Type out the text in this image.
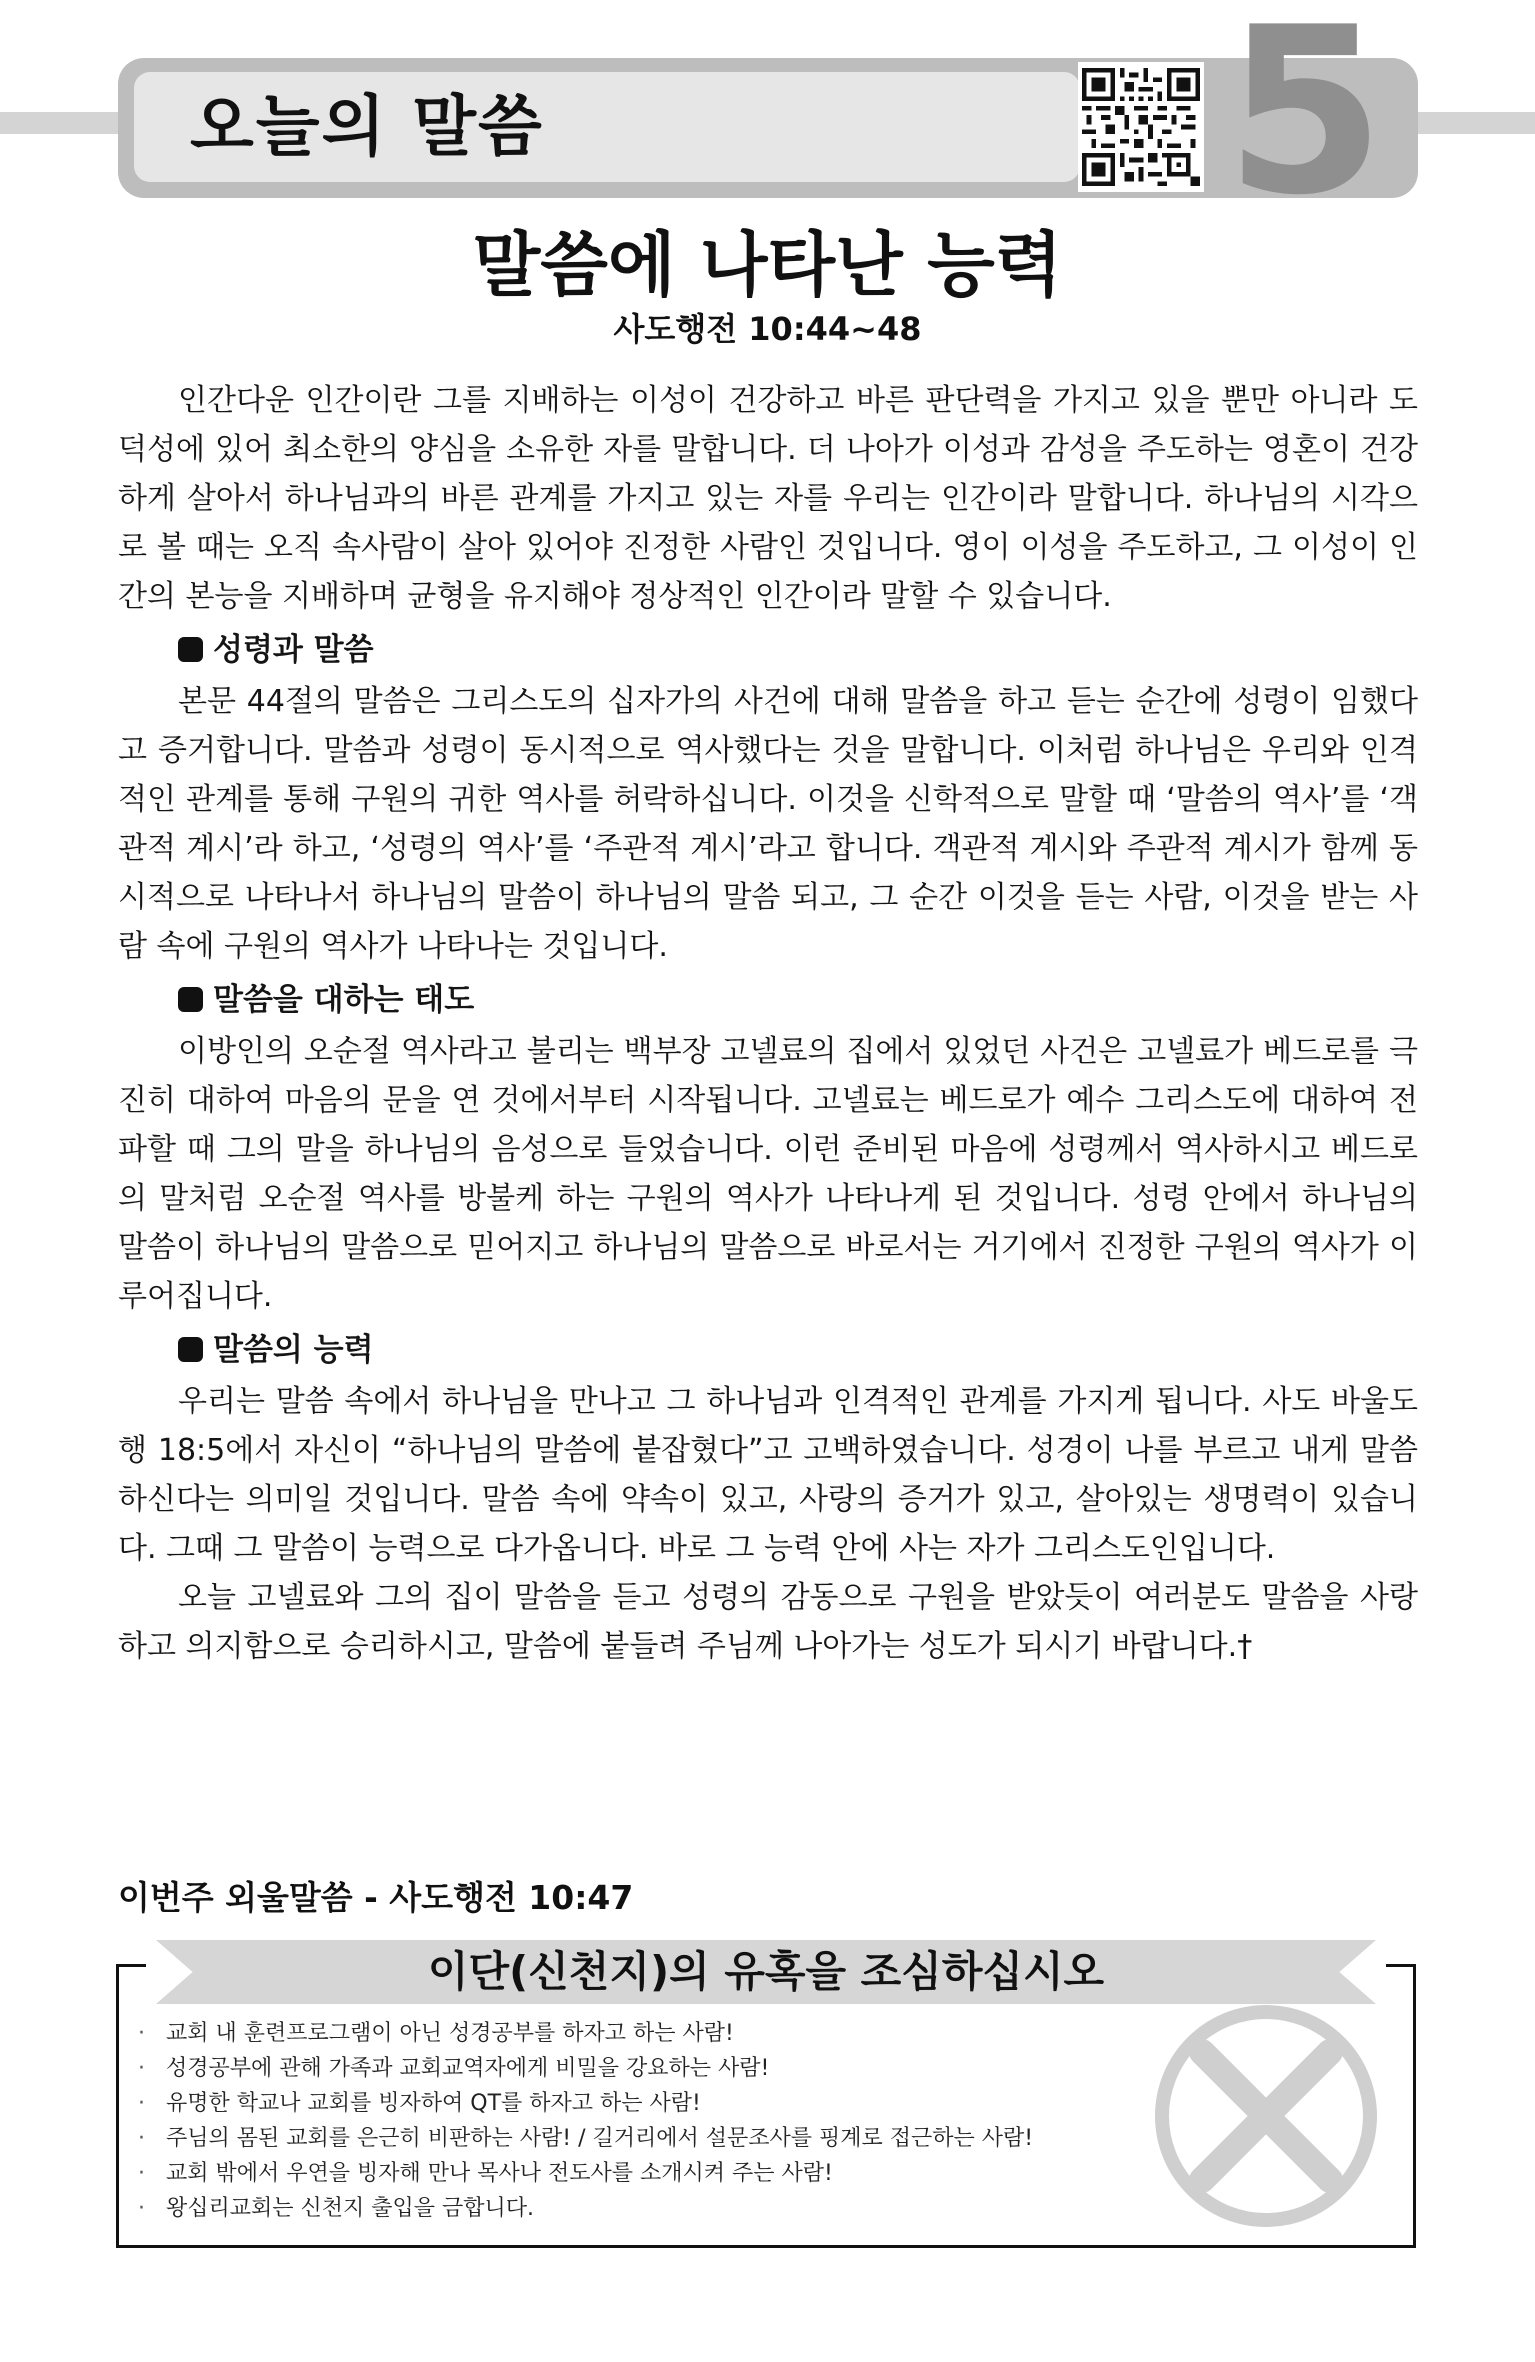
오늘의 말씀	5
말씀에 나타난 능력
사도행전 10:44~48

인간다운 인간이란 그를 지배하는 이성이 건강하고 바른 판단력을 가지고 있을 뿐만 아니라 도덕성에 있어 최소한의 양심을 소유한 자를 말합니다. 더 나아가 이성과 감성을 주도하는 영혼이 건강하게 살아서 하나님과의 바른 관계를 가지고 있는 자를 우리는 인간이라 말합니다. 하나님의 시각으로 볼 때는 오직 속사람이 살아 있어야 진정한 사람인 것입니다. 영이 이성을 주도하고, 그 이성이 인간의 본능을 지배하며 균형을 유지해야 정상적인 인간이라 말할 수 있습니다.

성령과 말씀

본문 44절의 말씀은 그리스도의 십자가의 사건에 대해 말씀을 하고 듣는 순간에 성령이 임했다고 증거합니다. 말씀과 성령이 동시적으로 역사했다는 것을 말합니다. 이처럼 하나님은 우리와 인격적인 관계를 통해 구원의 귀한 역사를 허락하십니다. 이것을 신학적으로 말할 때 ‘말씀의 역사’를 ‘객관적 계시’라 하고, ‘성령의 역사’를 ‘주관적 계시’라고 합니다. 객관적 계시와 주관적 계시가 함께 동시적으로 나타나서 하나님의 말씀이 하나님의 말씀 되고, 그 순간 이것을 듣는 사람, 이것을 받는 사람 속에 구원의 역사가 나타나는 것입니다.

말씀을 대하는 태도

이방인의 오순절 역사라고 불리는 백부장 고넬료의 집에서 있었던 사건은 고넬료가 베드로를 극진히 대하여 마음의 문을 연 것에서부터 시작됩니다. 고넬료는 베드로가 예수 그리스도에 대하여 전파할 때 그의 말을 하나님의 음성으로 들었습니다. 이런 준비된 마음에 성령께서 역사하시고 베드로의 말처럼 오순절 역사를 방불케 하는 구원의 역사가 나타나게 된 것입니다. 성령 안에서 하나님의 말씀이 하나님의 말씀으로 믿어지고 하나님의 말씀으로 바로서는 거기에서 진정한 구원의 역사가 이루어집니다.

말씀의 능력

우리는 말씀 속에서 하나님을 만나고 그 하나님과 인격적인 관계를 가지게 됩니다. 사도 바울도 행 18:5에서 자신이 “하나님의 말씀에 붙잡혔다”고 고백하였습니다. 성경이 나를 부르고 내게 말씀하신다는 의미일 것입니다. 말씀 속에 약속이 있고, 사랑의 증거가 있고, 살아있는 생명력이 있습니다. 그때 그 말씀이 능력으로 다가옵니다. 바로 그 능력 안에 사는 자가 그리스도인입니다.

오늘 고넬료와 그의 집이 말씀을 듣고 성령의 감동으로 구원을 받았듯이 여러분도 말씀을 사랑하고 의지함으로 승리하시고, 말씀에 붙들려 주님께 나아가는 성도가 되시기 바랍니다.†

이번주 외울말씀 - 사도행전 10:47
이단(신천지)의 유혹을 조심하십시오
· 교회 내 훈련프로그램이 아닌 성경공부를 하자고 하는 사람!
· 성경공부에 관해 가족과 교회교역자에게 비밀을 강요하는 사람!
· 유명한 학교나 교회를 빙자하여 QT를 하자고 하는 사람!
· 주님의 몸된 교회를 은근히 비판하는 사람! / 길거리에서 설문조사를 핑계로 접근하는 사람!
· 교회 밖에서 우연을 빙자해 만나 목사나 전도사를 소개시켜 주는 사람!
· 왕십리교회는 신천지 출입을 금합니다.
